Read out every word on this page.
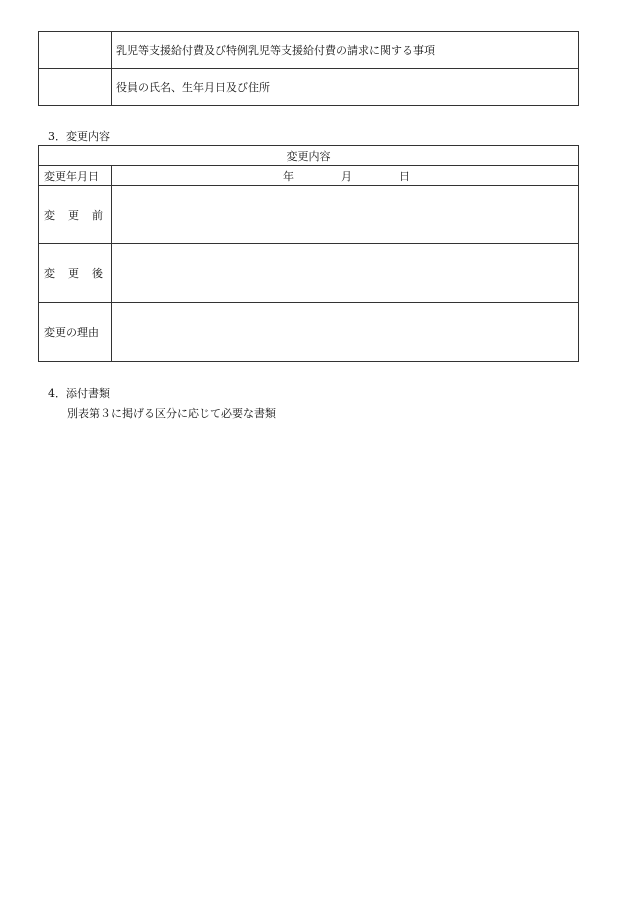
乳児等支援給付費及び特例乳児等支援給付費の請求に関する事項
役員の氏名、生年月日及び住所
3．変更内容
変更内容
変更年月日	年	月	日
変更前
変更後
変更の理由
4．添付書類
別表第３に掲げる区分に応じて必要な書類
